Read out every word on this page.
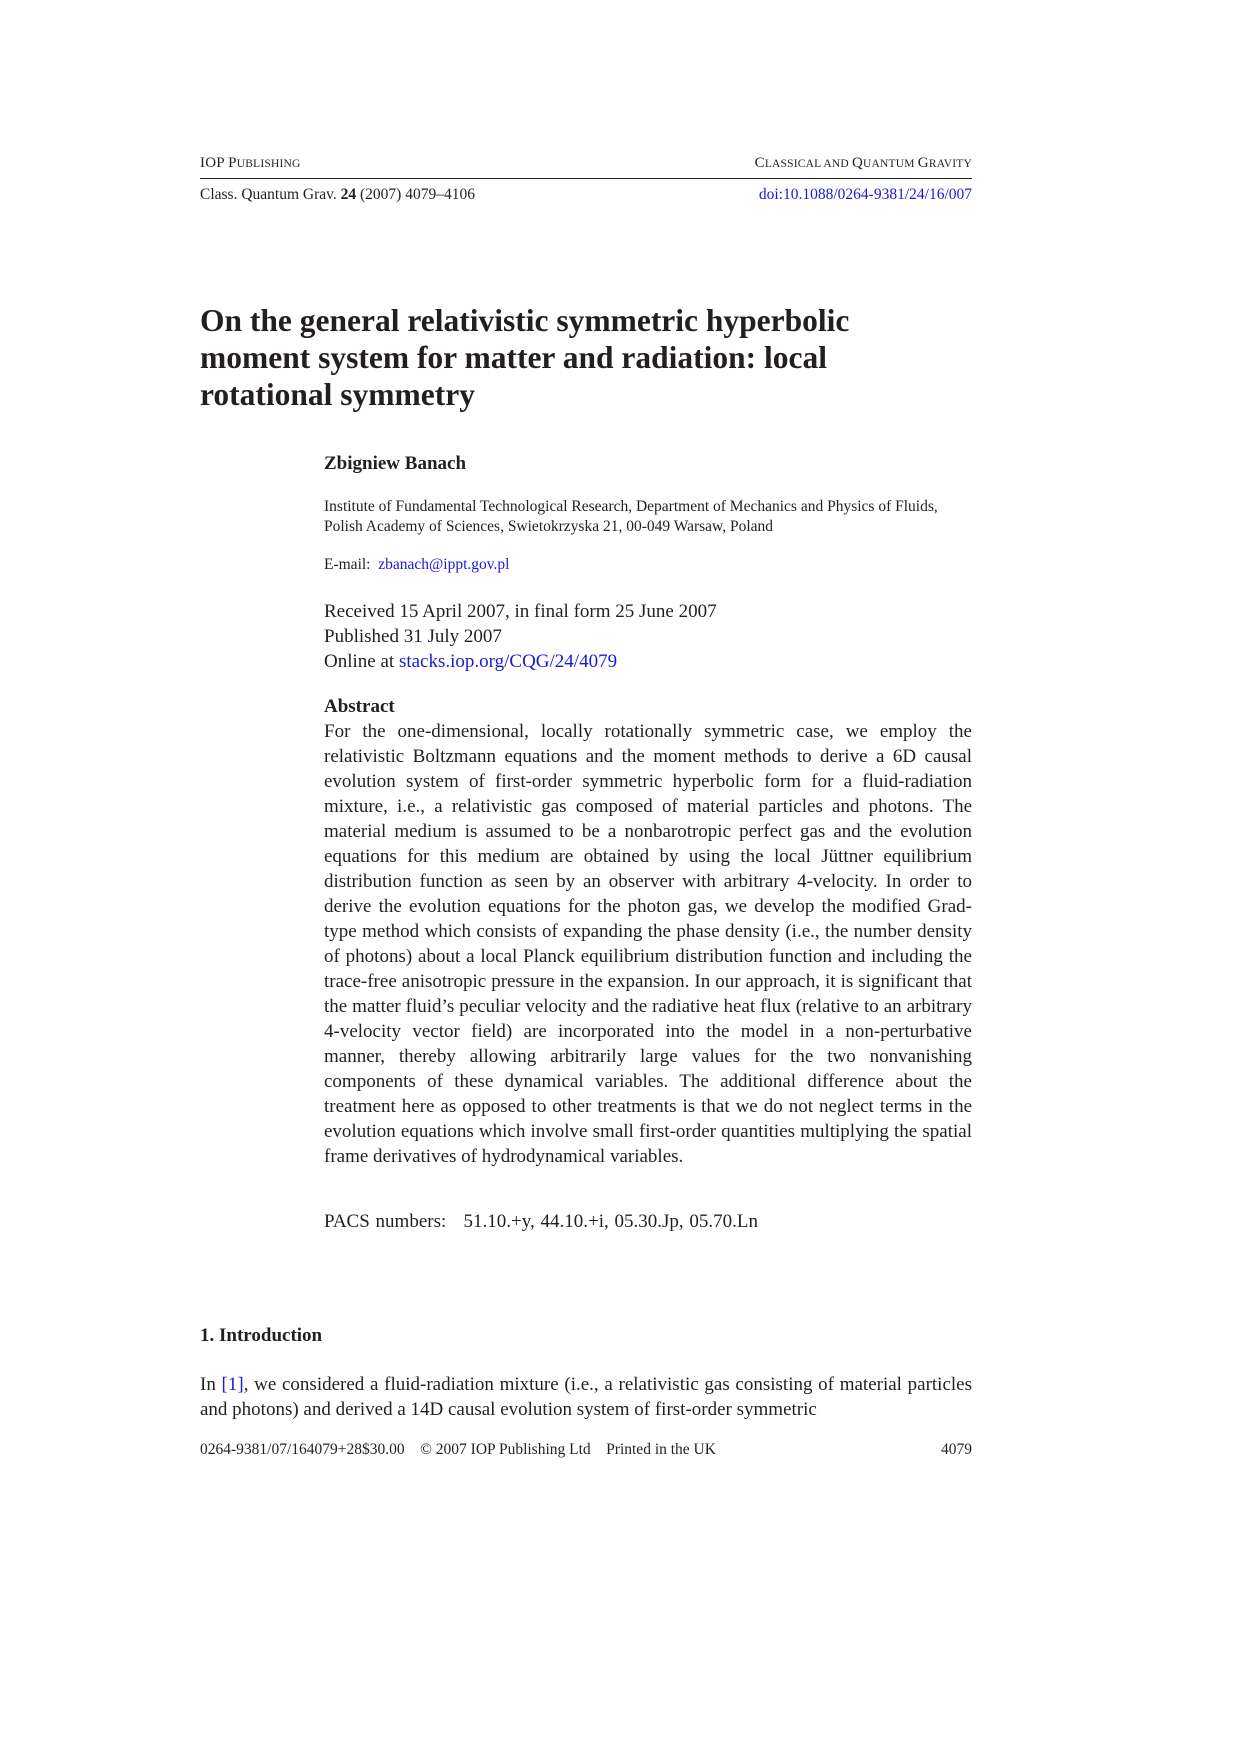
IOP PUBLISHING	CLASSICAL AND QUANTUM GRAVITY
Class. Quantum Grav. 24 (2007) 4079–4106	doi:10.1088/0264-9381/24/16/007
On the general relativistic symmetric hyperbolic moment system for matter and radiation: local rotational symmetry
Zbigniew Banach
Institute of Fundamental Technological Research, Department of Mechanics and Physics of Fluids, Polish Academy of Sciences, Swietokrzyska 21, 00-049 Warsaw, Poland
E-mail: zbanach@ippt.gov.pl
Received 15 April 2007, in final form 25 June 2007
Published 31 July 2007
Online at stacks.iop.org/CQG/24/4079
Abstract
For the one-dimensional, locally rotationally symmetric case, we employ the relativistic Boltzmann equations and the moment methods to derive a 6D causal evolution system of first-order symmetric hyperbolic form for a fluid-radiation mixture, i.e., a relativistic gas composed of material particles and photons. The material medium is assumed to be a nonbarotropic perfect gas and the evolution equations for this medium are obtained by using the local Jüttner equilibrium distribution function as seen by an observer with arbitrary 4-velocity. In order to derive the evolution equations for the photon gas, we develop the modified Grad-type method which consists of expanding the phase density (i.e., the number density of photons) about a local Planck equilibrium distribution function and including the trace-free anisotropic pressure in the expansion. In our approach, it is significant that the matter fluid’s peculiar velocity and the radiative heat flux (relative to an arbitrary 4-velocity vector field) are incorporated into the model in a non-perturbative manner, thereby allowing arbitrarily large values for the two nonvanishing components of these dynamical variables. The additional difference about the treatment here as opposed to other treatments is that we do not neglect terms in the evolution equations which involve small first-order quantities multiplying the spatial frame derivatives of hydrodynamical variables.
PACS numbers: 51.10.+y, 44.10.+i, 05.30.Jp, 05.70.Ln
1. Introduction
In [1], we considered a fluid-radiation mixture (i.e., a relativistic gas consisting of material particles and photons) and derived a 14D causal evolution system of first-order symmetric
0264-9381/07/164079+28$30.00    © 2007 IOP Publishing Ltd    Printed in the UK	4079
